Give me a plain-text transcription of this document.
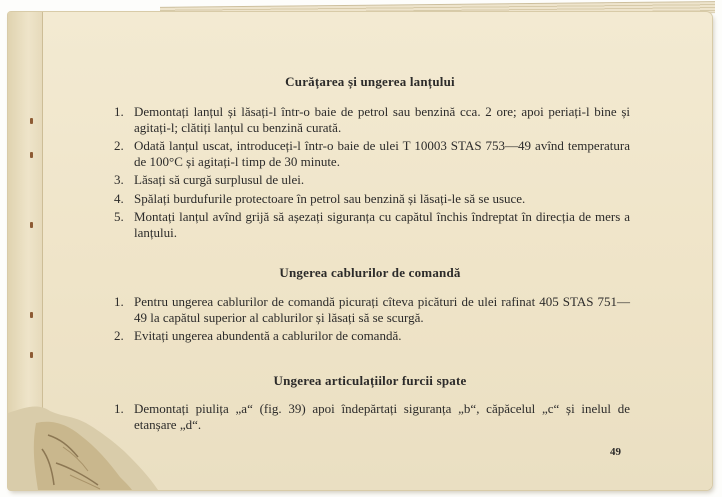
Curățarea și ungerea lanțului
1. Demontați lanțul și lăsați-l într-o baie de petrol sau benzină cca. 2 ore; apoi periați-l bine și agitați-l; clătiți lanțul cu benzină curată.
2. Odată lanțul uscat, introduceți-l într-o baie de ulei T 10003 STAS 753—49 avînd temperatura de 100°C și agitați-l timp de 30 minute.
3. Lăsați să curgă surplusul de ulei.
4. Spălați burdufurile protectoare în petrol sau benzină și lăsați-le să se usuce.
5. Montați lanțul avînd grijă să așezați siguranța cu capătul închis îndreptat în direcția de mers a lanțului.
Ungerea cablurilor de comandă
1. Pentru ungerea cablurilor de comandă picurați cîteva picături de ulei rafinat 405 STAS 751—49 la capătul superior al cablurilor și lăsați să se scurgă.
2. Evitați ungerea abundentă a cablurilor de comandă.
Ungerea articulațiilor furcii spate
1. Demontați piulița „a“ (fig. 39) apoi îndepărtați siguranța „b“, căpăcelul „c“ și inelul de etanșare „d“.
49
